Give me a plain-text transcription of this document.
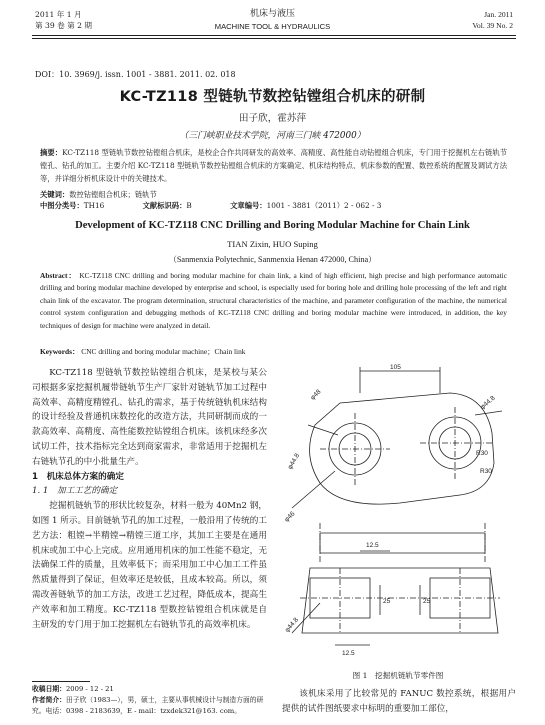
2011 年 1 月
第 39 卷 第 2 期
机床与液压
MACHINE TOOL & HYDRAULICS
Jan. 2011
Vol. 39 No. 2
DOI：10. 3969/j. issn. 1001 - 3881. 2011. 02. 018
KC-TZ118 型链轨节数控钻镗组合机床的研制
田子欣，霍苏萍
（三门峡职业技术学院，河南三门峡 472000）
摘要：KC-TZ118 型链轨节数控钻镗组合机床，是校企合作共同研发的高效率、高精度、高性能自动钻镗组合机床，专门用于挖掘机左右链轨节镗孔、钻孔的加工。主要介绍 KC-TZ118 型链轨节数控钻镗组合机床的方案确定、机床结构特点、机床参数的配置、数控系统的配置及调试方法等，并详细分析机床设计中的关键技术。
关键词：数控钻镗组合机床；链轨节
中图分类号：TH16	文献标识码：B	文章编号：1001 - 3881（2011）2 - 062 - 3
Development of KC-TZ118 CNC Drilling and Boring Modular Machine for Chain Link
TIAN Zixin, HUO Suping
（Sanmenxia Polytechnic, Sanmenxia Henan 472000, China）
Abstract： KC-TZ118 CNC drilling and boring modular machine for chain link, a kind of high efficient, high precise and high performance automatic drilling and boring modular machine developed by enterprise and school, is especially used for boring hole and drilling hole processing of the left and right chain link of the excavator. The program determination, structural characteristics of the machine, and parameter configuration of the machine, the numerical control system configuration and debugging methods of KC-TZ118 CNC drilling and boring modular machine were introduced, in addition, the key techniques of design for machine were analyzed in detail.
Keywords： CNC drilling and boring modular machine；Chain link

KC-TZ118 型链轨节数控钻镗组合机床，是某校与某公司根据多家挖掘机履带链轨节生产厂家针对链轨节加工过程中高效率、高精度精镗孔、钻孔的需求，基于传统链轨机床结构的设计经验及普通机床数控化的改造方法，共同研制而成的一款高效率、高精度、高性能数控钻镗组合机床。该机床经多次试切工件，技术指标完全达到商家需求，非常适用于挖掘机左右链轨节孔的中小批量生产。

1　机床总体方案的确定

1. 1　加工工艺的确定

挖掘机链轨节的形状比较复杂，材料一般为 40Mn2 钢，如图 1 所示。目前链轨节孔的加工过程，一般沿用了传统的工艺方法：粗镗→半精镗→精镗三道工序，其加工主要是在通用机床或加工中心上完成。应用通用机床的加工性能不稳定，无法确保工件的质量，且效率低下；而采用加工中心加工工件虽然质量得到了保证，但效率还是较低，且成本较高。所以，须需改善链轨节的加工方法，改进工艺过程，降低成本，提高生产效率和加工精度。KC-TZ118 型数控钻镗组合机床就是自主研发的专门用于加工挖掘机左右链轨节孔的高效率机床。

105
R30
R30
φ44.8
φ44.8
φ48
φ46
12.5
25	25
12.5
φ44.8
图 1　挖掘机链轨节零件图

该机床采用了比较常见的 FANUC 数控系统，根据用户提供的试件图纸要求中标明的重要加工部位，

收稿日期：2009 - 12 - 21
作者简介：田子欣（1983—），男，硕士，主要从事机械设计与制造方面的研究。电话：0398 - 2183639，E - mail：tzxdek321@163. com。
